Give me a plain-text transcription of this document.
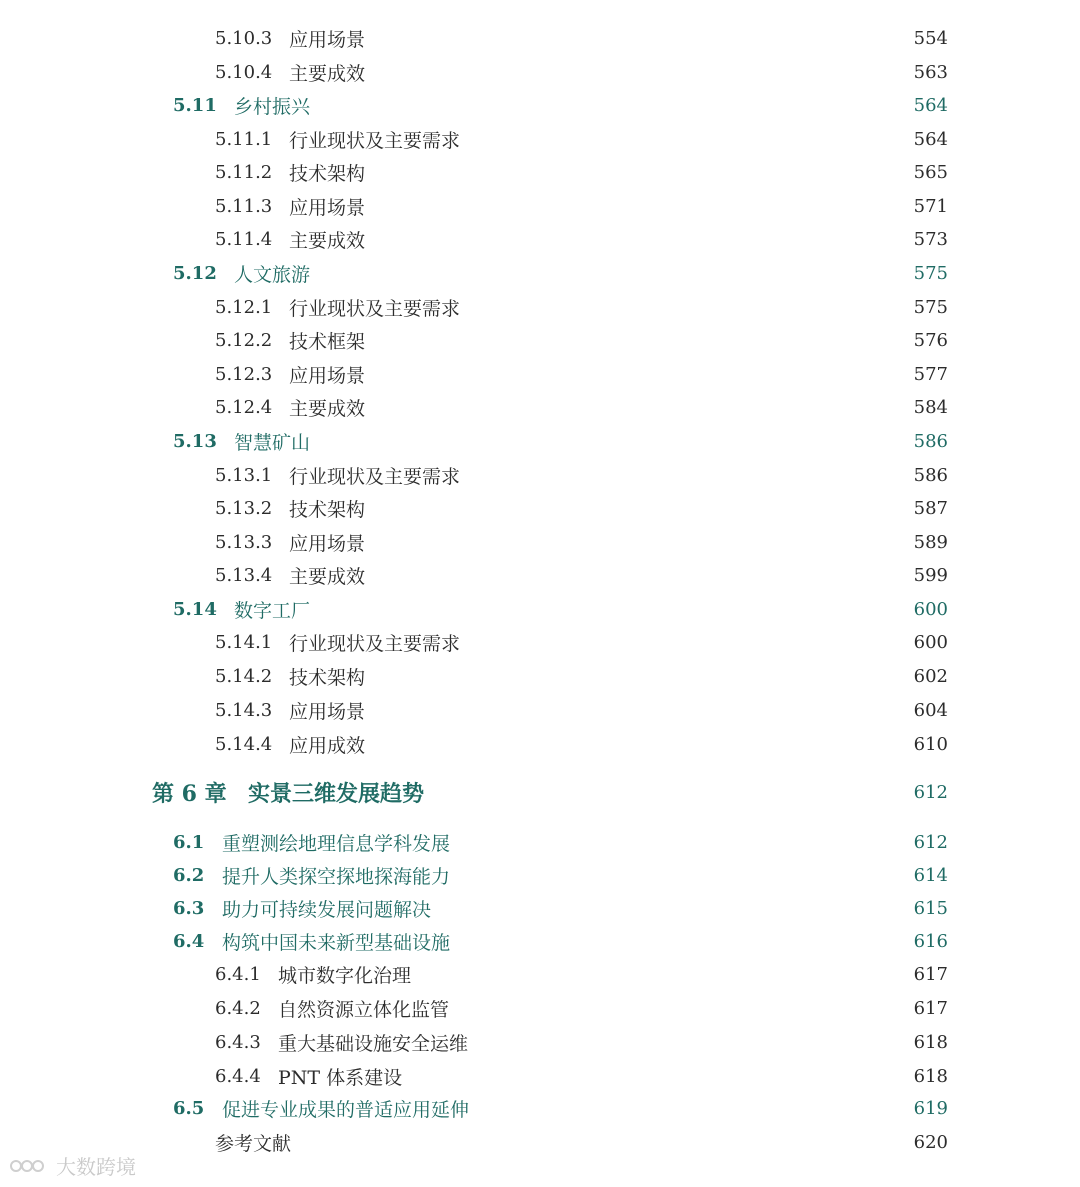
5.10.3 应用场景	554
5.10.4 主要成效	563
5.11 乡村振兴	564
5.11.1 行业现状及主要需求	564
5.11.2 技术架构	565
5.11.3 应用场景	571
5.11.4 主要成效	573
5.12 人文旅游	575
5.12.1 行业现状及主要需求	575
5.12.2 技术框架	576
5.12.3 应用场景	577
5.12.4 主要成效	584
5.13 智慧矿山	586
5.13.1 行业现状及主要需求	586
5.13.2 技术架构	587
5.13.3 应用场景	589
5.13.4 主要成效	599
5.14 数字工厂	600
5.14.1 行业现状及主要需求	600
5.14.2 技术架构	602
5.14.3 应用场景	604
5.14.4 应用成效	610
第 6 章 实景三维发展趋势	612
6.1 重塑测绘地理信息学科发展	612
6.2 提升人类探空探地探海能力	614
6.3 助力可持续发展问题解决	615
6.4 构筑中国未来新型基础设施	616
6.4.1 城市数字化治理	617
6.4.2 自然资源立体化监管	617
6.4.3 重大基础设施安全运维	618
6.4.4 PNT 体系建设	618
6.5 促进专业成果的普适应用延伸	619
参考文献	620
大数跨境
